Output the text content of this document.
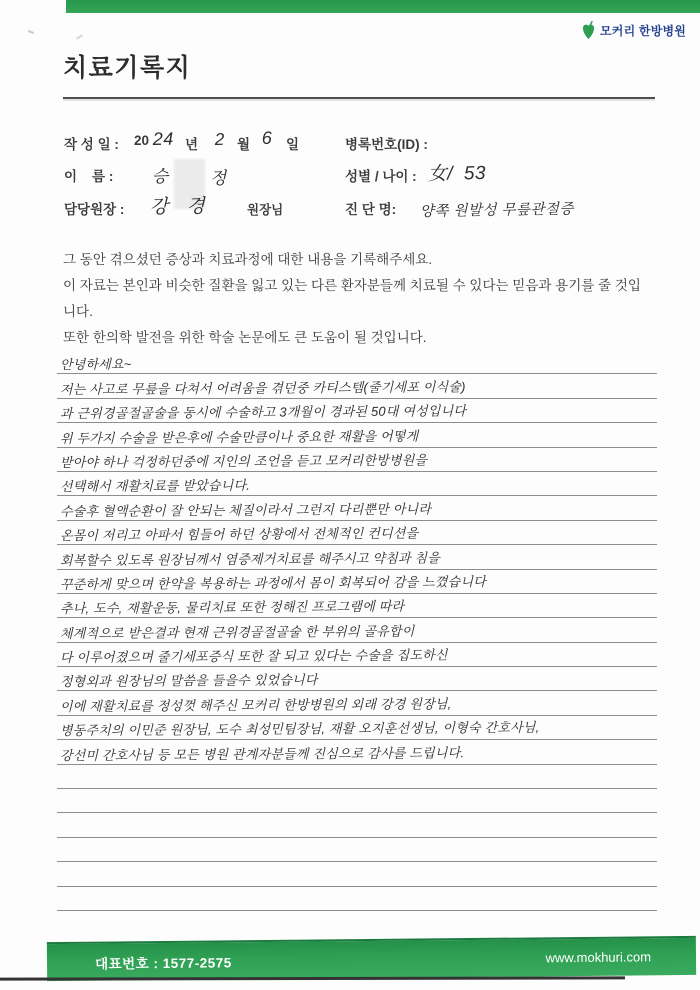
모커리 한방병원
치료기록지
작 성 일 : 20 24 년 2 월 6 일	병록번호(ID) :
이    름 : 승 정	성별 / 나이 : 女/ 53
담당원장 : 강 경	원장님	진 단 명: 양쪽 원발성 무릎관절증

그 동안 겪으셨던 증상과 치료과정에 대한 내용을 기록해주세요.

이 자료는 본인과 비슷한 질환을 잃고 있는 다른 환자분들께 치료될 수 있다는 믿음과 용기를 줄 것입니다.

또한 한의학 발전을 위한 학술 논문에도 큰 도움이 될 것입니다.

안녕하세요~
저는 사고로 무릎을 다쳐서 어려움을 겪던중 카티스템(줄기세포 이식술)
과 근위경골절골술을 동시에 수술하고 3개월이 경과된 50대 여성입니다
위 두가지 수술을 받은후에 수술만큼이나 중요한 재활을 어떻게
받아야 하나 걱정하던중에 지인의 조언을 듣고 모커리한방병원을
선택해서 재활치료를 받았습니다.
수술후 혈액순환이 잘 안되는 체질이라서 그런지 다리뿐만 아니라
온몸이 저리고 아파서 힘들어 하던 상황에서 전체적인 컨디션을
회복할수 있도록 원장님께서 염증제거치료를 해주시고 약침과 침을
꾸준하게 맞으며 한약을 복용하는 과정에서 몸이 회복되어 감을 느꼈습니다
추나, 도수, 재활운동, 물리치료 또한 정해진 프로그램에 따라
체계적으로 받은결과 현재 근위경골절골술 한 부위의 골유합이
다 이루어졌으며 줄기세포증식 또한 잘 되고 있다는 수술을 집도하신
정형외과 원장님의 말씀을 들을수 있었습니다
이에 재활치료를 정성껏 해주신 모커리 한방병원의 외래 강경 원장님,
병동주치의 이민준 원장님, 도수 최성민팀장님, 재활 오지훈선생님, 이형숙 간호사님,
강선미 간호사님 등 모든 병원 관계자분들께 진심으로 감사를 드립니다.
대표번호 : 1577-2575	www.mokhuri.com
